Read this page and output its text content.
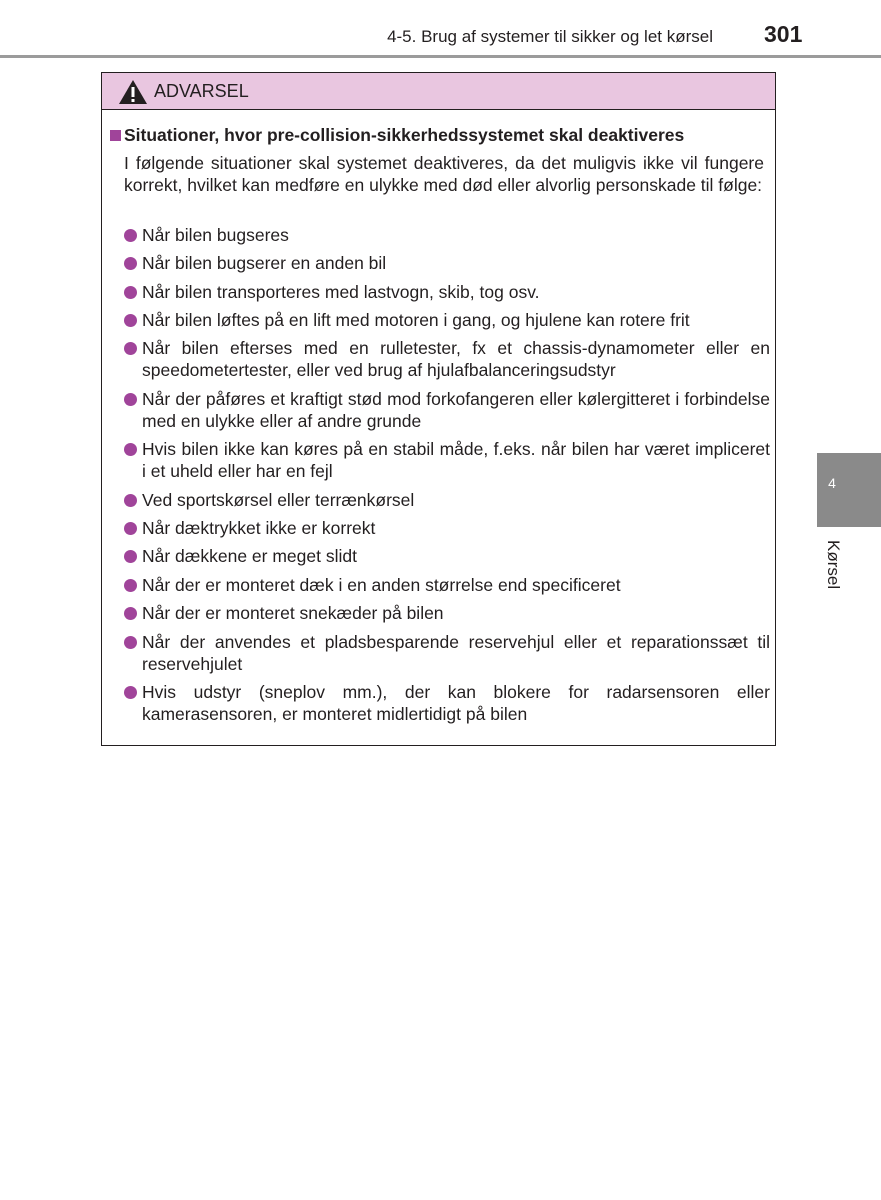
4-5. Brug af systemer til sikker og let kørsel 301
ADVARSEL
Situationer, hvor pre-collision-sikkerhedssystemet skal deaktiveres
I følgende situationer skal systemet deaktiveres, da det muligvis ikke vil fungere korrekt, hvilket kan medføre en ulykke med død eller alvorlig personskade til følge:
Når bilen bugseres
Når bilen bugserer en anden bil
Når bilen transporteres med lastvogn, skib, tog osv.
Når bilen løftes på en lift med motoren i gang, og hjulene kan rotere frit
Når bilen efterses med en rulletester, fx et chassis-dynamometer eller en speedometertester, eller ved brug af hjulafbalanceringsudstyr
Når der påføres et kraftigt stød mod forkofangeren eller kølergitteret i forbindelse med en ulykke eller af andre grunde
Hvis bilen ikke kan køres på en stabil måde, f.eks. når bilen har været impliceret i et uheld eller har en fejl
Ved sportskørsel eller terrænkørsel
Når dæktrykket ikke er korrekt
Når dækkene er meget slidt
Når der er monteret dæk i en anden størrelse end specificeret
Når der er monteret snekæder på bilen
Når der anvendes et pladsbesparende reservehjul eller et reparationssæt til reservehjulet
Hvis udstyr (sneplov mm.), der kan blokere for radarsensoren eller kamerasensoren, er monteret midlertidigt på bilen
4
Kørsel
